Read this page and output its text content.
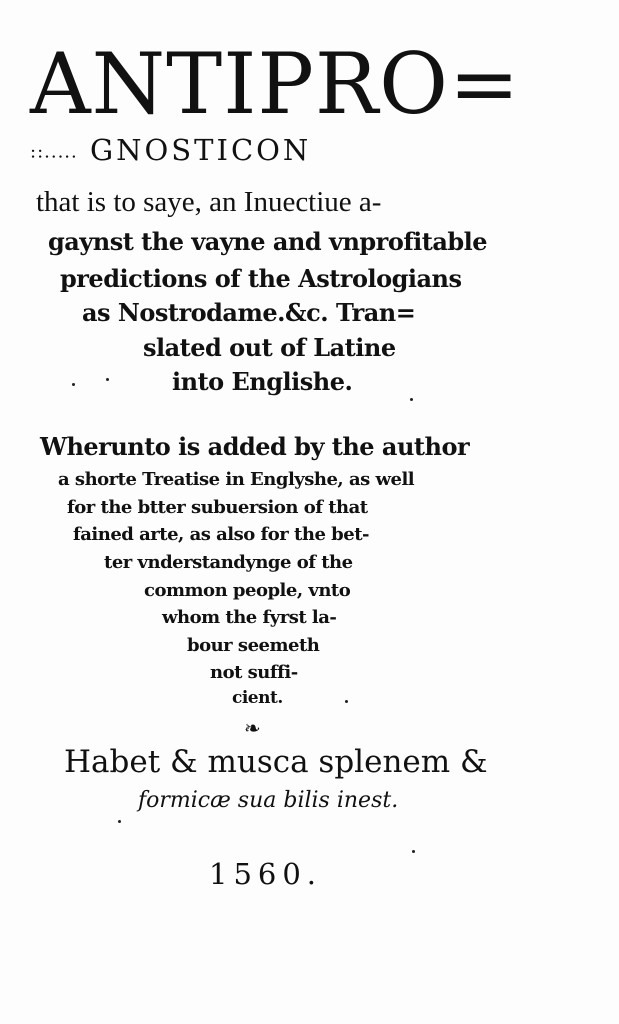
ANTIPRO=
::..... GNOSTICON
that is to saye, an Inuectiue a-
gaynst the vayne and vnprofitable
predictions of the Astrologians
as Nostrodame.&c. Tran=
slated out of Latine
into Englishe.
Wherunto is added by the author
a shorte Treatise in Englyshe, as well
for the btter subuersion of that
fained arte, as also for the bet-
ter vnderstandynge of the
common people, vnto
whom the fyrst la-
bour seemeth
not suffi-
cient.
❧
Habet & musca splenem &
formicæ sua bilis inest.
1560.
